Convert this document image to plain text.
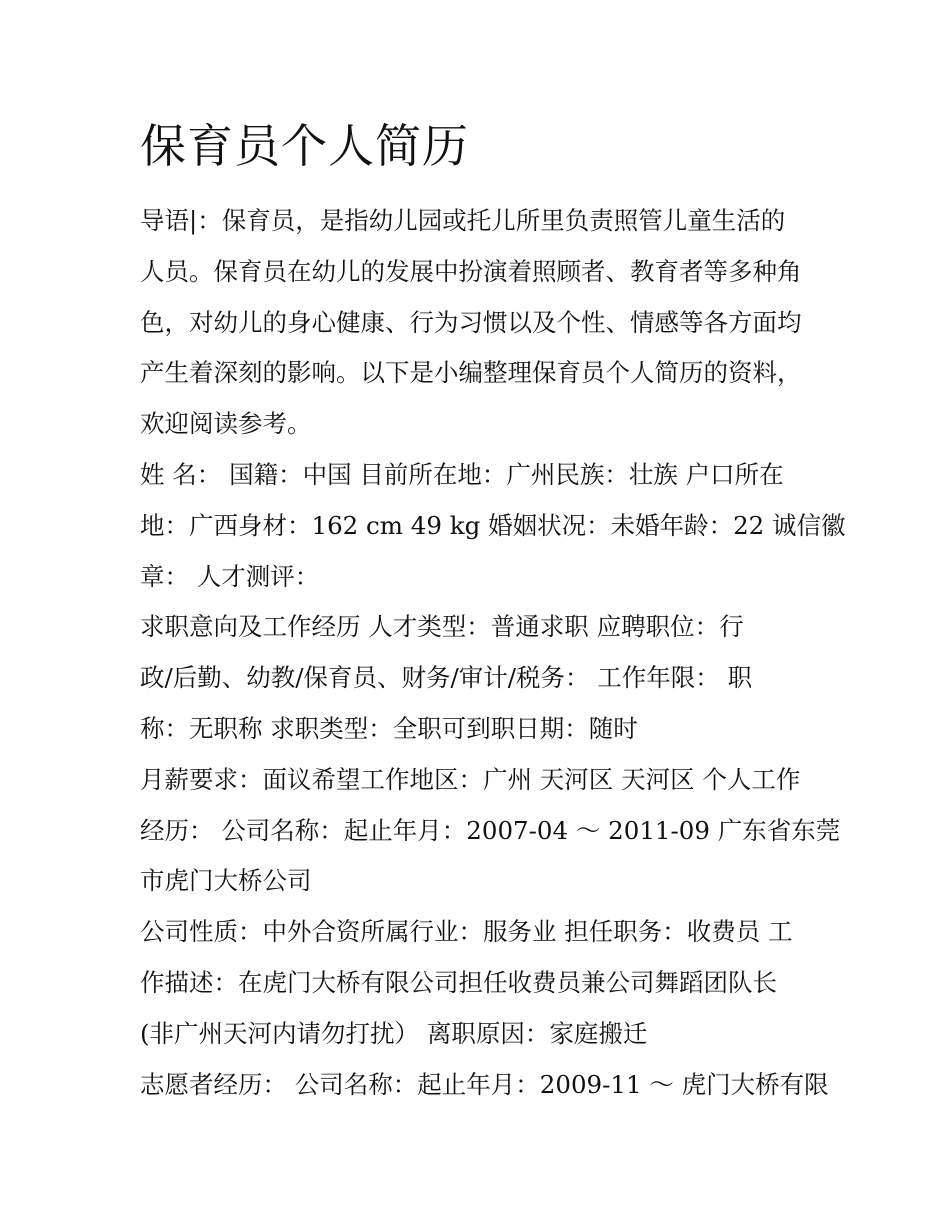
保育员个人简历
导语|：保育员，是指幼儿园或托儿所里负责照管儿童生活的
人员。保育员在幼儿的发展中扮演着照顾者、教育者等多种角
色，对幼儿的身心健康、行为习惯以及个性、情感等各方面均
产生着深刻的影响。以下是小编整理保育员个人简历的资料，
欢迎阅读参考。
姓 名： 国籍：中国 目前所在地：广州民族：壮族 户口所在
地：广西身材：162 cm 49 kg 婚姻状况：未婚年龄：22 诚信徽
章： 人才测评：
求职意向及工作经历 人才类型：普通求职 应聘职位：行
政/后勤、幼教/保育员、财务/审计/税务： 工作年限： 职
称：无职称 求职类型：全职可到职日期：随时
月薪要求：面议希望工作地区：广州 天河区 天河区 个人工作
经历： 公司名称：起止年月：2007-04 ～ 2011-09 广东省东莞
市虎门大桥公司
公司性质：中外合资所属行业：服务业 担任职务：收费员 工
作描述：在虎门大桥有限公司担任收费员兼公司舞蹈团队长
(非广州天河内请勿打扰） 离职原因：家庭搬迁
志愿者经历： 公司名称：起止年月：2009-11 ～ 虎门大桥有限
